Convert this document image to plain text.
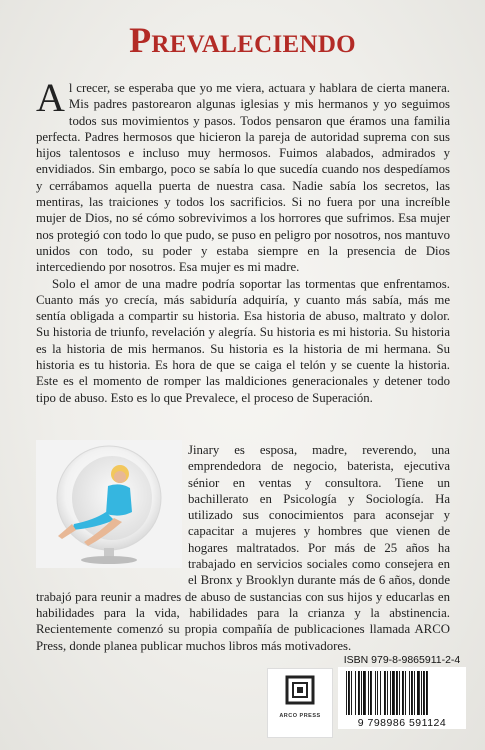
Prevaleciendo

Al crecer, se esperaba que yo me viera, actuara y hablara de cierta manera. Mis padres pastorearon algunas iglesias y mis hermanos y yo seguimos todos sus movimientos y pasos. Todos pensaron que éramos una familia perfecta. Padres hermosos que hicieron la pareja de autoridad suprema con sus hijos talentosos e incluso muy hermosos. Fuimos alabados, admirados y envidiados. Sin embargo, poco se sabía lo que sucedía cuando nos despedíamos y cerrábamos aquella puerta de nuestra casa. Nadie sabía los secretos, las mentiras, las traiciones y todos los sacrificios. Si no fuera por una increíble mujer de Dios, no sé cómo sobrevivimos a los horrores que sufrimos. Esa mujer nos protegió con todo lo que pudo, se puso en peligro por nosotros, nos mantuvo unidos con todo, su poder y estaba siempre en la presencia de Dios intercediendo por nosotros. Esa mujer es mi madre.

Solo el amor de una madre podría soportar las tormentas que enfrentamos. Cuanto más yo crecía, más sabiduría adquiría, y cuanto más sabía, más me sentía obligada a compartir su historia. Esa historia de abuso, maltrato y dolor. Su historia de triunfo, revelación y alegría. Su historia es mi historia. Su historia es la historia de mis hermanos. Su historia es la historia de mi hermana. Su historia es tu historia. Es hora de que se caiga el telón y se cuente la historia. Este es el momento de romper las maldiciones generacionales y detener todo tipo de abuso. Esto es lo que Prevalece, el proceso de Superación.

Jinary es esposa, madre, reverendo, una emprendedora de negocio, baterista, ejecutiva sénior en ventas y consultora. Tiene un bachillerato en Psicología y Sociología. Ha utilizado sus conocimientos para aconsejar y capacitar a mujeres y hombres que vienen de hogares maltratados. Por más de 25 años ha trabajado en servicios sociales como consejera en el Bronx y Brooklyn durante más de 6 años, donde trabajó para reunir a madres de abuso de sustancias con sus hijos y educarlas en habilidades para la vida, habilidades para la crianza y la abstinencia. Recientemente comenzó su propia compañía de publicaciones llamada ARCO Press, donde planea publicar muchos libros más motivadores.
ARCO PRESS
ISBN 979-8-9865911-2-4
9 798986 591124
